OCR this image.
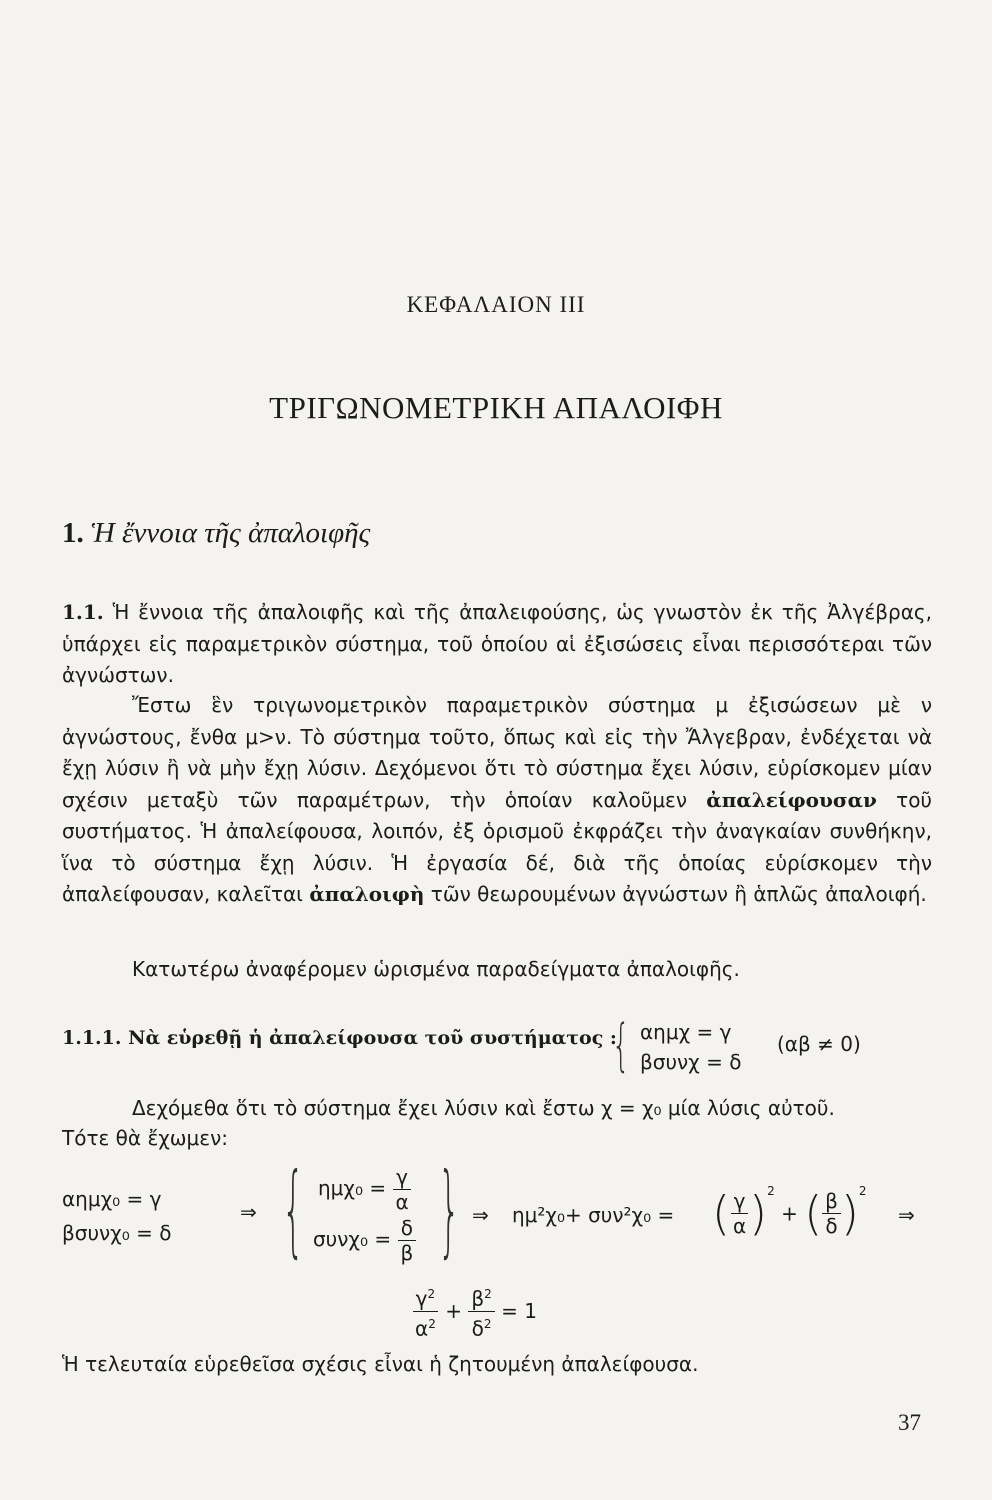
ΚΕΦΑΛΑΙΟΝ III
ΤΡΙΓΩΝΟΜΕΤΡΙΚΗ ΑΠΑΛΟΙΦΗ
1. Ἡ ἔννοια τῆς ἀπαλοιφῆς
1.1. Ἡ ἔννοια τῆς ἀπαλοιφῆς καὶ τῆς ἀπαλειφούσης, ὡς γνωστὸν ἐκ τῆς Ἀλγέβρας, ὑπάρχει εἰς παραμετρικὸν σύστημα, τοῦ ὁποίου αἱ ἐξισώσεις εἶναι περισσότεραι τῶν ἀγνώστων.
Ἔστω ἓν τριγωνομετρικὸν παραμετρικὸν σύστημα μ ἐξισώσεων μὲ ν ἀγνώστους, ἔνθα μ>ν. Τὸ σύστημα τοῦτο, ὅπως καὶ εἰς τὴν Ἄλγεβραν, ἐνδέχεται νὰ ἔχῃ λύσιν ἢ νὰ μὴν ἔχῃ λύσιν. Δεχόμενοι ὅτι τὸ σύστημα ἔχει λύσιν, εὑρίσκομεν μίαν σχέσιν μεταξὺ τῶν παραμέτρων, τὴν ὁποίαν καλοῦμεν ἀπαλείφουσαν τοῦ συστήματος. Ἡ ἀπαλείφουσα, λοιπόν, ἐξ ὁρισμοῦ ἐκφράζει τὴν ἀναγκαίαν συνθήκην, ἵνα τὸ σύστημα ἔχῃ λύσιν. Ἡ ἐργασία δέ, διὰ τῆς ὁποίας εὑρίσκομεν τὴν ἀπαλείφουσαν, καλεῖται ἀπαλοιφὴ τῶν θεωρουμένων ἀγνώστων ἢ ἁπλῶς ἀπαλοιφή.
Κατωτέρω ἀναφέρομεν ὡρισμένα παραδείγματα ἀπαλοιφῆς.
1.1.1. Νὰ εὑρεθῇ ἡ ἀπαλείφουσα τοῦ συστήματος :
{ αημχ = γ
βσυνχ = δ
(αβ ≠ 0)
Δεχόμεθα ὅτι τὸ σύστημα ἔχει λύσιν καὶ ἔστω χ = χ₀ μία λύσις αὐτοῦ.
Τότε θὰ ἔχωμεν:
αημχ₀ = γ
βσυνχ₀ = δ
⇒ { $\eta\mu\chi_0 = \frac{\gamma}{\alpha}$
$\sigma\upsilon\nu\chi_0 = \frac{\delta}{\beta}$ } ⇒ ημ²χ₀+ συν²χ₀ = ( $\frac{\gamma}{\alpha} )^2$ + ( $\frac{\beta}{\delta} )^2$
⇒
$\frac{\gamma^2}{\alpha^2} + \frac{\beta^2}{\delta^2} = 1$
Ἡ τελευταία εὑρεθεῖσα σχέσις εἶναι ἡ ζητουμένη ἀπαλείφουσα.
37
